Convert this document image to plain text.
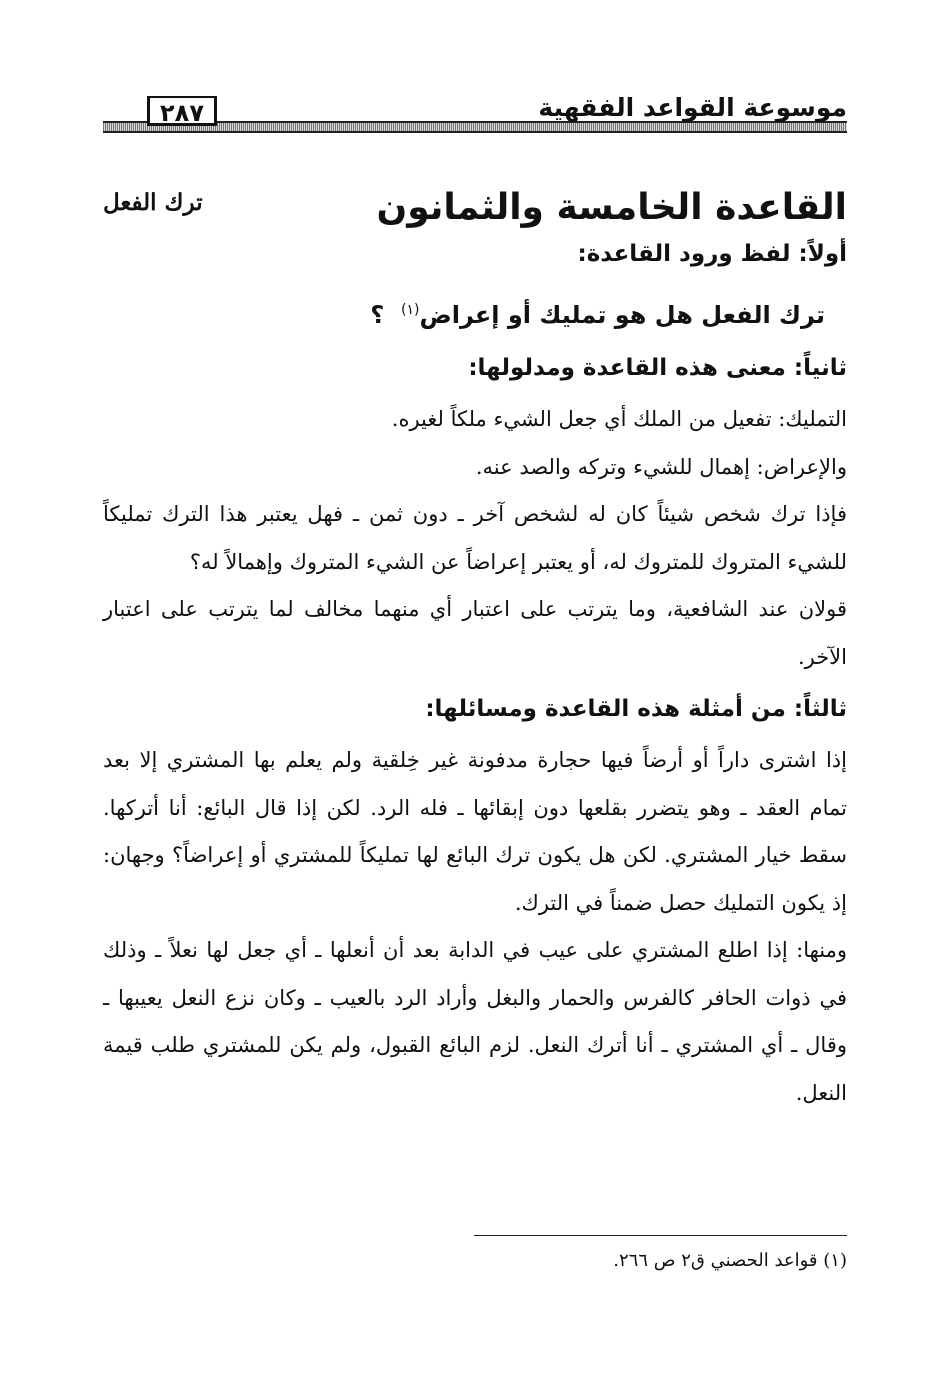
٢٨٧	موسوعة القواعد الفقهية
القاعدة الخامسة والثمانون
ترك الفعل
أولاً: لفظ ورود القاعدة:
ترك الفعل هل هو تمليك أو إعراض$^{(١)}$  ؟
ثانياً: معنى هذه القاعدة ومدلولها:

التمليك: تفعيل من الملك أي جعل الشيء ملكاً لغيره.

والإعراض: إهمال للشيء وتركه والصد عنه.

فإذا ترك شخص شيئاً كان له لشخص آخر ـ دون ثمن ـ فهل يعتبر هذا الترك تمليكاً للشيء المتروك للمتروك له، أو يعتبر إعراضاً عن الشيء المتروك وإهمالاً له؟

قولان عند الشافعية، وما يترتب على اعتبار أي منهما مخالف لما يترتب على اعتبار الآخر.

ثالثاً: من أمثلة هذه القاعدة ومسائلها:

إذا اشترى داراً أو أرضاً فيها حجارة مدفونة غير خِلقية ولم يعلم بها المشتري إلا بعد تمام العقد ـ وهو يتضرر بقلعها دون إبقائها ـ فله الرد. لكن إذا قال البائع: أنا أتركها. سقط خيار المشتري. لكن هل يكون ترك البائع لها تمليكاً للمشتري أو إعراضاً؟ وجهان: إذ يكون التمليك حصل ضمناً في الترك.

ومنها: إذا اطلع المشتري على عيب في الدابة بعد أن أنعلها ـ أي جعل لها نعلاً ـ وذلك في ذوات الحافر كالفرس والحمار والبغل وأراد الرد بالعيب ـ وكان نزع النعل يعيبها ـ وقال ـ أي المشتري ـ أنا أترك النعل. لزم البائع القبول، ولم يكن للمشتري طلب قيمة النعل.

(١) قواعد الحصني ق٢ ص ٢٦٦.
